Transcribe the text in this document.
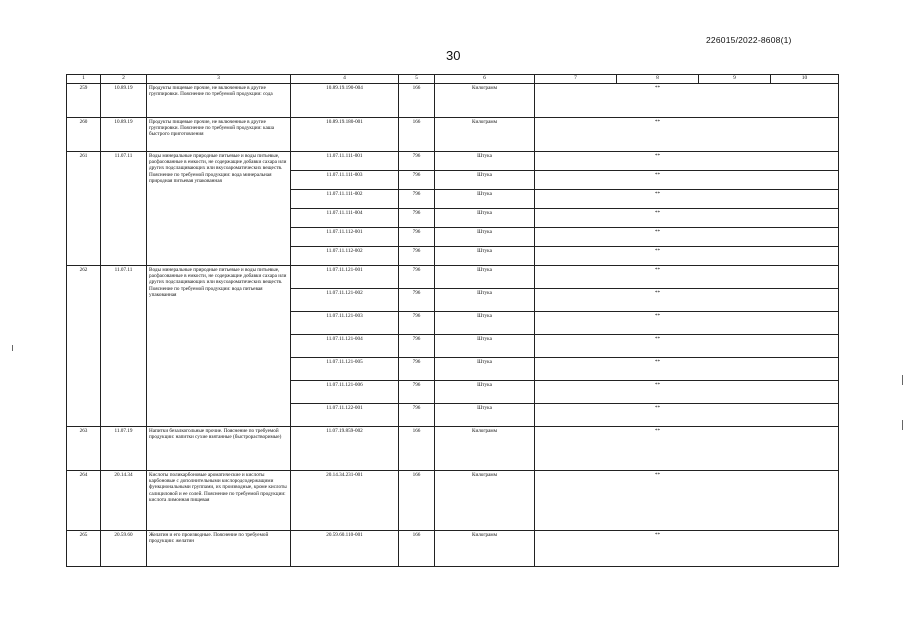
226015/2022-8608(1)
30
1	2	3	4	5	6	7	8	9	10
259	10.89.19	Продукты пищевые прочие, не включенные в другие группировки. Пояснение по требуемой продукции: сода	10.89.19.190-004	166	Килограмм		**		
260	10.89.19	Продукты пищевые прочие, не включенные в другие группировки. Пояснение по требуемой продукции: каша быстрого приготовления	10.89.19.180-001	166	Килограмм		**		
261	11.07.11	Воды минеральные природные питьевые и воды питьевые, расфасованные в емкости, не содержащие добавки сахара или других подслащивающих или вкусоароматических веществ. Пояснение по требуемой продукции: вода минеральная природная питьевая упакованная	11.07.11.111-001	796	Штука		**		
			11.07.11.111-003	796	Штука		**		
			11.07.11.111-002	796	Штука		**		
			11.07.11.111-004	796	Штука		**		
			11.07.11.112-001	796	Штука		**		
			11.07.11.112-002	796	Штука		**		
262	11.07.11	Воды минеральные природные питьевые и воды питьевые, расфасованные в емкости, не содержащие добавки сахара или других подслащивающих или вкусоароматических веществ. Пояснение по требуемой продукции: вода питьевая упакованная	11.07.11.121-001	796	Штука		**		
			11.07.11.121-002	796	Штука		**		
			11.07.11.121-003	796	Штука		**		
			11.07.11.121-004	796	Штука		**		
			11.07.11.121-005	796	Штука		**		
			11.07.11.121-006	796	Штука		**		
			11.07.11.122-001	796	Штука		**		
263	11.07.19	Напитки безалкогольные прочие. Пояснение по требуемой продукции: напитки сухие взятанные (быстрорастворимые)	11.07.19.859-002	166	Килограмм		**		
264	20.14.34	Кислоты поликарбоновые ароматические и кислоты карбоновые с дополнительными кислородсодержащими функциональными группами, их производные, кроме кислоты салициловой и ее солей. Пояснение по требуемой продукции: кислота лимонная пищевая	20.14.34.231-001	166	Килограмм		**		
265	20.59.60	Желатин и его производные. Пояснение по требуемой продукции: желатин	20.59.60.110-001	166	Килограмм		**		
